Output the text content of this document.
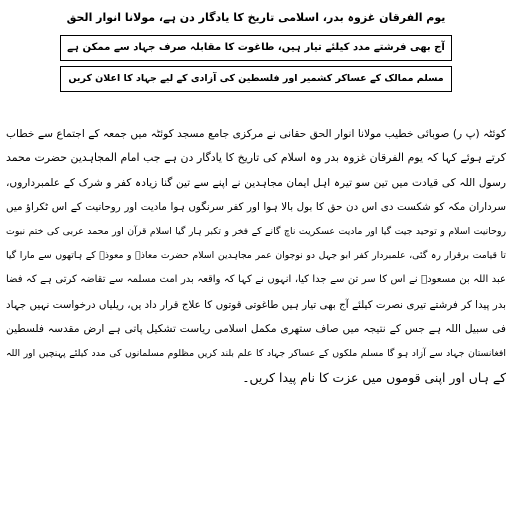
یوم الفرقان غزوہ بدر، اسلامی تاریخ کا یادگار دن ہے، مولانا انوار الحق
آج بھی فرشتے مدد کیلئے تیار ہیں، طاغوت کا مقابلہ صرف جہاد سے ممکن ہے
مسلم ممالک کے عساکر کشمیر اور فلسطین کی آزادی کے لیے جہاد کا اعلان کریں
کوئٹہ (پ ر) صوبائی خطیب مولانا انوار الحق حقانی نے مرکزی جامع مسجد کوئٹہ میں جمعہ کے اجتماع سے خطاب
کرتے ہوئے کہا کہ یوم الفرقان غزوہ بدر وہ اسلام کی تاریخ کا یادگار دن ہے جب امام المجاہدین حضرت محمد
رسول اللہ کی قیادت میں تین سو تیرہ اہل ایمان مجاہدین نے اپنے سے تین گنا زیادہ کفر و شرک کے علمبرداروں،
سرداران مکہ کو شکست دی اس دن حق کا بول بالا ہوا اور کفر سرنگوں ہوا مادیت اور روحانیت کے اس ٹکراؤ میں
روحانیت اسلام و توحید جیت گیا اور مادیت عسکریت ناچ گانے کے فخر و تکبر ہار گیا اسلام قرآن اور محمد عربی کی ختم نبوت
تا قیامت برقرار رہ گئی، علمبردار کفر ابو جہل دو نوجوان عمر مجاہدین اسلام حضرت معاذؓ و معوذؓ کے ہاتھوں سے مارا گیا
عبد اللہ بن مسعودؓ نے اس کا سر تن سے جدا کیا، انہوں نے کہا کہ واقعہ بدر امت مسلمہ سے تقاضہ کرتی ہے کہ فضا
بدر پیدا کر فرشتے تیری نصرت کیلئے آج بھی تیار ہیں طاغوتی قوتوں کا علاج قرار داد یں، ریلیاں درخواست نہیں جہاد
فی سبیل اللہ ہے جس کے نتیجہ میں صاف ستھری مکمل اسلامی ریاست تشکیل پاتی ہے ارض مقدسہ فلسطین
افغانستان جہاد سے آزاد ہو گا مسلم ملکوں کے عساکر جہاد کا علم بلند کریں مظلوم مسلمانوں کی مدد کیلئے پہنچیں اور اللہ
کے ہاں اور اپنی قوموں میں عزت کا نام پیدا کریں۔
